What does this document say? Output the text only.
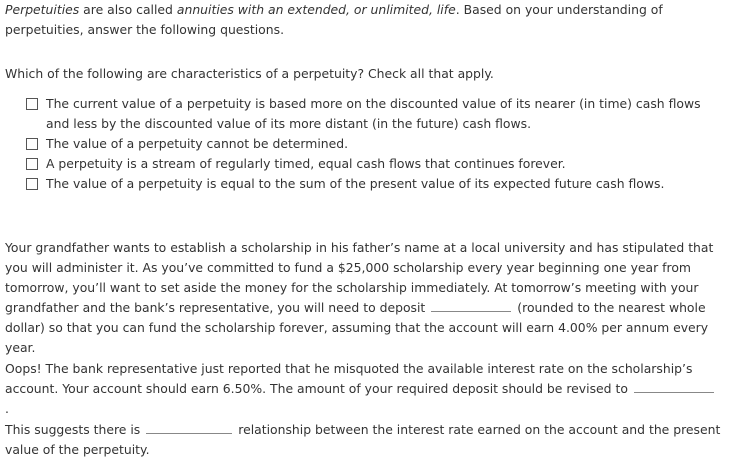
Perpetuities are also called annuities with an extended, or unlimited, life. Based on your understanding of perpetuities, answer the following questions.
Which of the following are characteristics of a perpetuity? Check all that apply.
The current value of a perpetuity is based more on the discounted value of its nearer (in time) cash flows and less by the discounted value of its more distant (in the future) cash flows.
The value of a perpetuity cannot be determined.
A perpetuity is a stream of regularly timed, equal cash flows that continues forever.
The value of a perpetuity is equal to the sum of the present value of its expected future cash flows.
Your grandfather wants to establish a scholarship in his father’s name at a local university and has stipulated that you will administer it. As you’ve committed to fund a $25,000 scholarship every year beginning one year from tomorrow, you’ll want to set aside the money for the scholarship immediately. At tomorrow’s meeting with your grandfather and the bank’s representative, you will need to deposit	(rounded to the nearest whole dollar) so that you can fund the scholarship forever, assuming that the account will earn 4.00% per annum every year.
Oops! The bank representative just reported that he misquoted the available interest rate on the scholarship’s account. Your account should earn 6.50%. The amount of your required deposit should be revised to.
This suggests there is	relationship between the interest rate earned on the account and the present value of the perpetuity.
